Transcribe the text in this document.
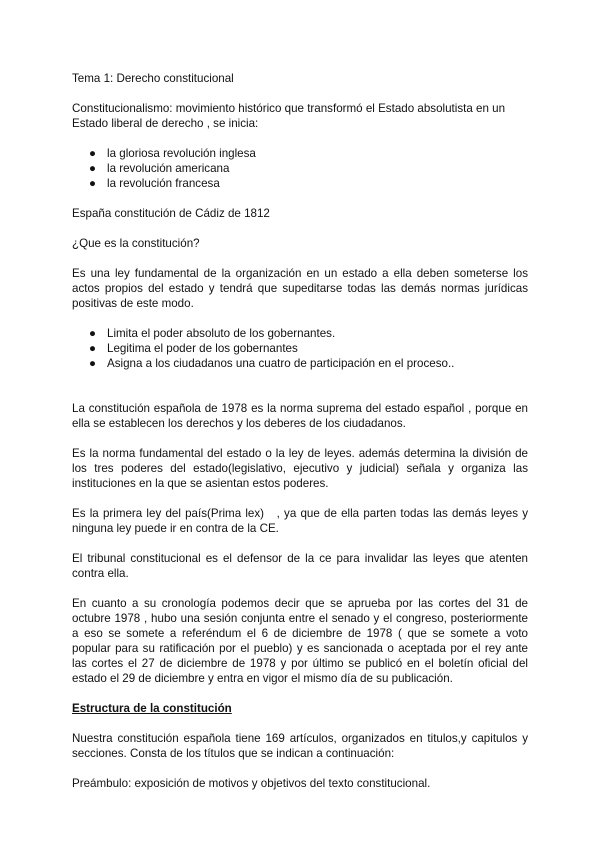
Tema 1: Derecho constitucional

Constitucionalismo: movimiento histórico que transformó el Estado absolutista en un Estado liberal de derecho , se inicia:

● la gloriosa revolución inglesa
● la revolución americana
● la revolución francesa

España constitución de Cádiz de 1812

¿Que es la constitución?

Es una ley fundamental de la organización en un estado a ella deben someterse los actos propios del estado y tendrá que supeditarse todas las demás normas jurídicas positivas de este modo.

● Limita el poder absoluto de los gobernantes.
● Legitima el poder de los gobernantes
● Asigna a los ciudadanos una cuatro de participación en el proceso..

La constitución española de 1978 es la norma suprema del estado español , porque en ella se establecen los derechos y los deberes de los ciudadanos.

Es la norma fundamental del estado o la ley de leyes. además determina la división de los tres poderes del estado(legislativo, ejecutivo y judicial) señala y organiza las instituciones en la que se asientan estos poderes.

Es la primera ley del país(Prima lex)   , ya que de ella parten todas las demás leyes y ninguna ley puede ir en contra de la CE.

El tribunal constitucional es el defensor de la ce para invalidar las leyes que atenten contra ella.

En cuanto a su cronología podemos decir que se aprueba por las cortes del 31 de octubre 1978 , hubo una sesión conjunta entre el senado y el congreso, posteriormente a eso se somete a referéndum el 6 de diciembre de 1978 ( que se somete a voto popular para su ratificación por el pueblo) y es sancionada o aceptada por el rey ante las cortes el 27 de diciembre de 1978 y por último se publicó en el boletín oficial del estado el 29 de diciembre y entra en vigor el mismo día de su publicación.

Estructura de la constitución

Nuestra constitución española tiene 169 artículos, organizados en titulos,y capitulos y secciones. Consta de los títulos que se indican a continuación:

Preámbulo: exposición de motivos y objetivos del texto constitucional.
